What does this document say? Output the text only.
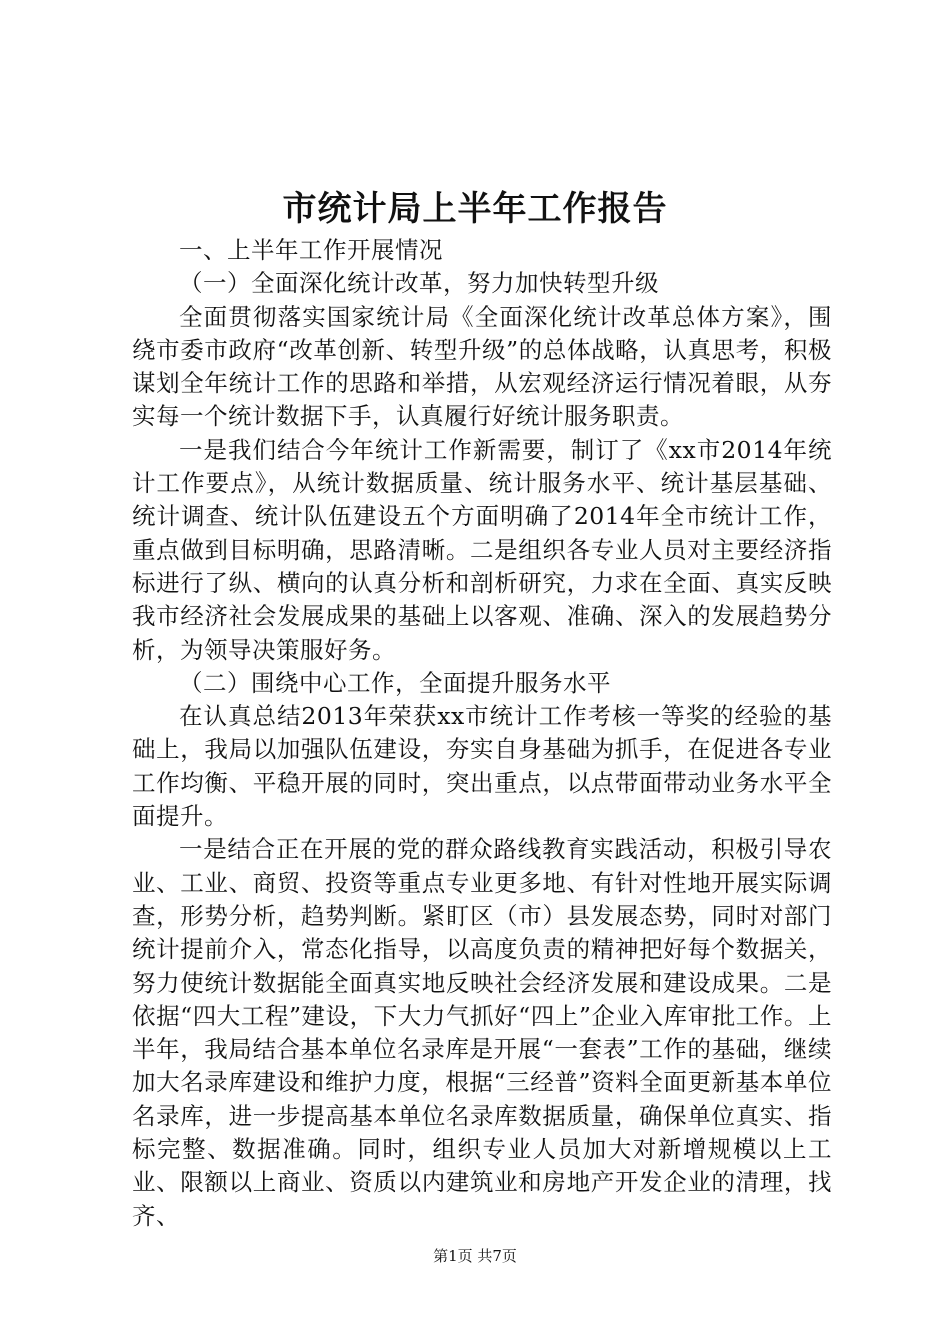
市统计局上半年工作报告

一、上半年工作开展情况

（一）全面深化统计改革，努力加快转型升级

全面贯彻落实国家统计局《全面深化统计改革总体方案》，围绕市委市政府“改革创新、转型升级”的总体战略，认真思考，积极谋划全年统计工作的思路和举措，从宏观经济运行情况着眼，从夯实每一个统计数据下手，认真履行好统计服务职责。

一是我们结合今年统计工作新需要，制订了《xx市2014年统计工作要点》，从统计数据质量、统计服务水平、统计基层基础、统计调查、统计队伍建设五个方面明确了2014年全市统计工作，重点做到目标明确，思路清晰。二是组织各专业人员对主要经济指标进行了纵、横向的认真分析和剖析研究，力求在全面、真实反映我市经济社会发展成果的基础上以客观、准确、深入的发展趋势分析，为领导决策服好务。

（二）围绕中心工作，全面提升服务水平

在认真总结2013年荣获xx市统计工作考核一等奖的经验的基础上，我局以加强队伍建设，夯实自身基础为抓手，在促进各专业工作均衡、平稳开展的同时，突出重点，以点带面带动业务水平全面提升。

一是结合正在开展的党的群众路线教育实践活动，积极引导农业、工业、商贸、投资等重点专业更多地、有针对性地开展实际调查，形势分析，趋势判断。紧盯区（市）县发展态势，同时对部门统计提前介入，常态化指导，以高度负责的精神把好每个数据关，努力使统计数据能全面真实地反映社会经济发展和建设成果。二是依据“四大工程”建设，下大力气抓好“四上”企业入库审批工作。上半年，我局结合基本单位名录库是开展“一套表”工作的基础，继续加大名录库建设和维护力度，根据“三经普”资料全面更新基本单位名录库，进一步提高基本单位名录库数据质量，确保单位真实、指标完整、数据准确。同时，组织专业人员加大对新增规模以上工业、限额以上商业、资质以内建筑业和房地产开发企业的清理，找齐、

第1页 共7页
